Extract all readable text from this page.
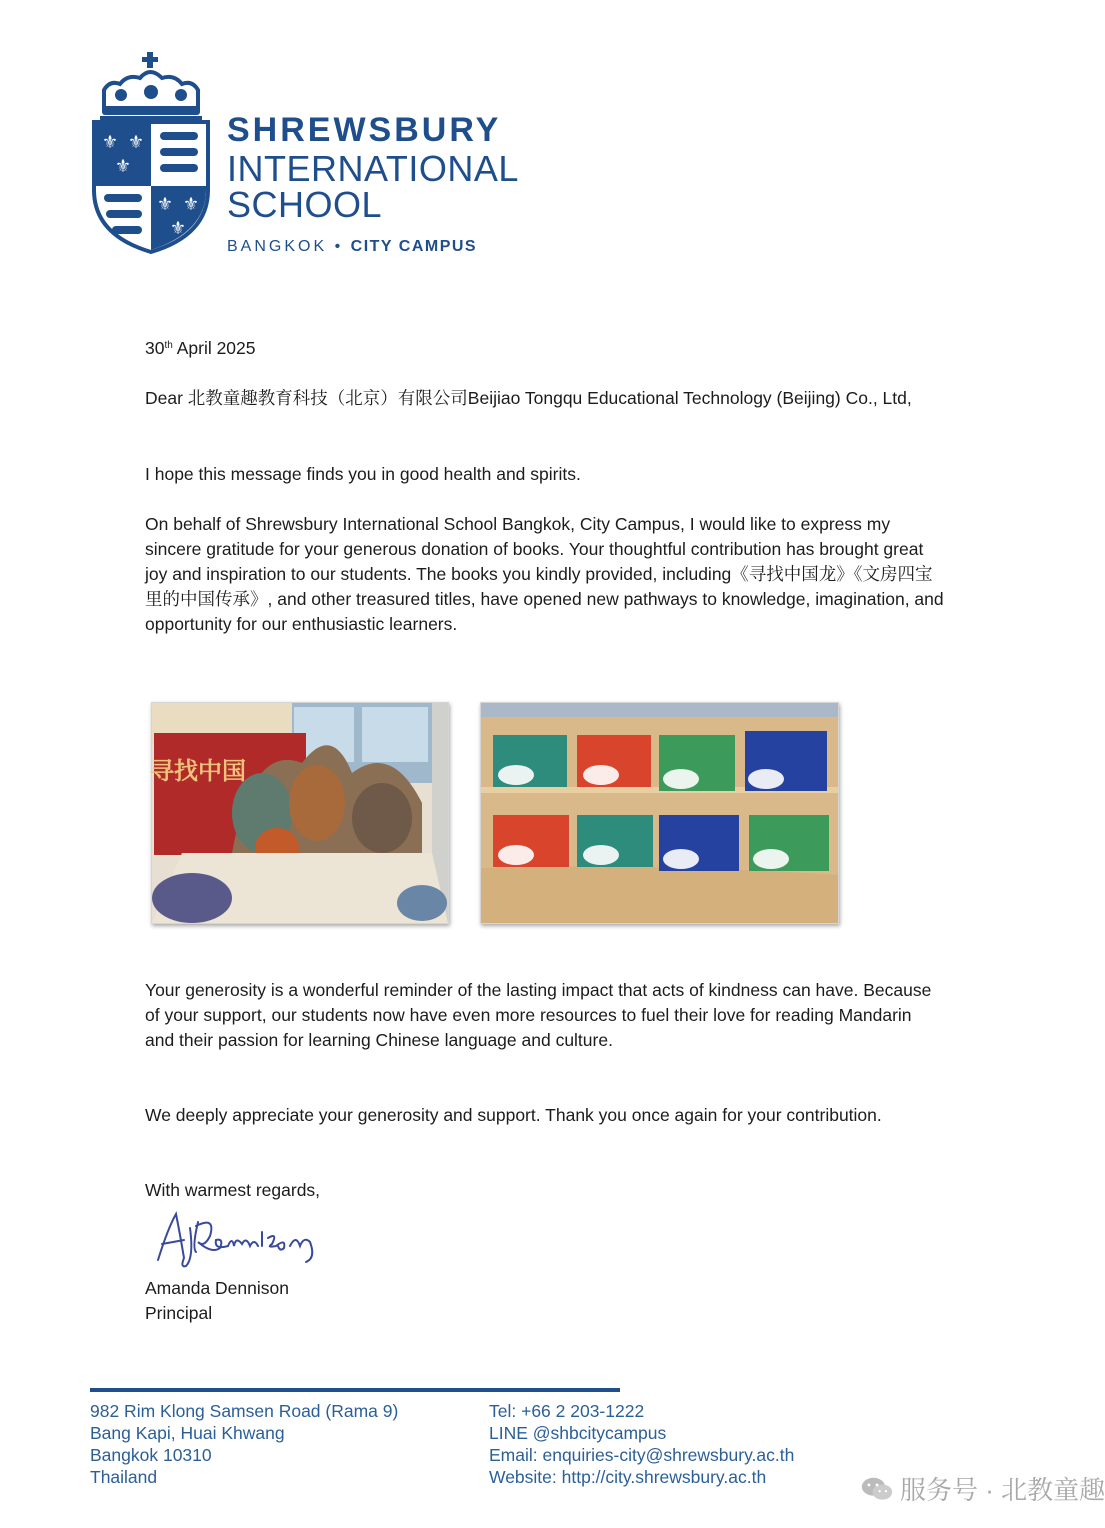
⚜ ⚜
⚜
⚜ ⚜
⚜
SHREWSBURY
INTERNATIONAL
SCHOOL
BANGKOK • CITY CAMPUS
30th April 2025
Dear 北教童趣教育科技（北京）有限公司Beijiao Tongqu Educational Technology (Beijing) Co., Ltd,
I hope this message finds you in good health and spirits.
On behalf of Shrewsbury International School Bangkok, City Campus, I would like to express my sincere gratitude for your generous donation of books. Your thoughtful contribution has brought great joy and inspiration to our students. The books you kindly provided, including《寻找中国龙》《文房四宝里的中国传承》, and other treasured titles, have opened new pathways to knowledge, imagination, and opportunity for our enthusiastic learners.
寻找中国
Your generosity is a wonderful reminder of the lasting impact that acts of kindness can have. Because of your support, our students now have even more resources to fuel their love for reading Mandarin and their passion for learning Chinese language and culture.
We deeply appreciate your generosity and support. Thank you once again for your contribution.
With warmest regards,
Amanda Dennison
Principal
982 Rim Klong Samsen Road (Rama 9)
Bang Kapi, Huai Khwang
Bangkok 10310
Thailand
Tel: +66 2 203-1222
LINE @shbcitycampus
Email: enquiries-city@shrewsbury.ac.th
Website: http://city.shrewsbury.ac.th	服务号 · 北教童趣
